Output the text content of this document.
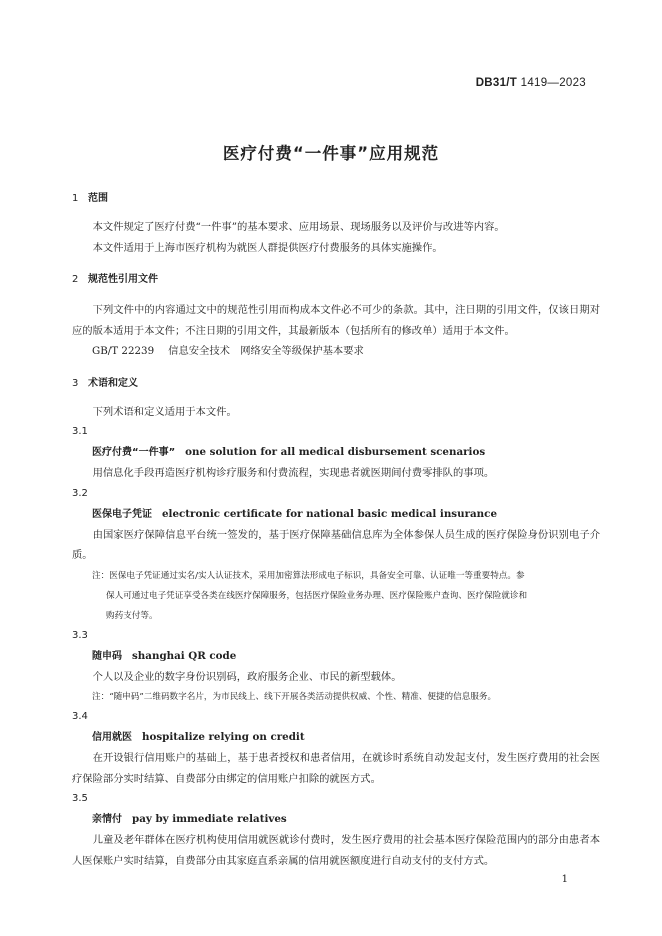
DB31/T 1419—2023
医疗付费“一件事”应用规范
1 范围

本文件规定了医疗付费“一件事”的基本要求、应用场景、现场服务以及评价与改进等内容。

本文件适用于上海市医疗机构为就医人群提供医疗付费服务的具体实施操作。

2 规范性引用文件

下列文件中的内容通过文中的规范性引用而构成本文件必不可少的条款。其中，注日期的引用文件，仅该日期对应的版本适用于本文件；不注日期的引用文件，其最新版本（包括所有的修改单）适用于本文件。

GB/T 22239 信息安全技术　网络安全等级保护基本要求
3 术语和定义

下列术语和定义适用于本文件。

3.1
医疗付费“一件事” one solution for all medical disbursement scenarios

用信息化手段再造医疗机构诊疗服务和付费流程，实现患者就医期间付费零排队的事项。

3.2
医保电子凭证 electronic certificate for national basic medical insurance

由国家医疗保障信息平台统一签发的，基于医疗保障基础信息库为全体参保人员生成的医疗保险身份识别电子介质。

注：医保电子凭证通过实名/实人认证技术，采用加密算法形成电子标识，具备安全可靠、认证唯一等重要特点。参
保人可通过电子凭证享受各类在线医疗保障服务，包括医疗保险业务办理、医疗保险账户查询、医疗保险就诊和
购药支付等。
3.3
随申码 shanghai QR code

个人以及企业的数字身份识别码，政府服务企业、市民的新型载体。

注：“随申码”二维码数字名片，为市民线上、线下开展各类活动提供权威、个性、精准、便捷的信息服务。
3.4
信用就医 hospitalize relying on credit

在开设银行信用账户的基础上，基于患者授权和患者信用，在就诊时系统自动发起支付，发生医疗费用的社会医疗保险部分实时结算、自费部分由绑定的信用账户扣除的就医方式。

3.5
亲情付 pay by immediate relatives

儿童及老年群体在医疗机构使用信用就医就诊付费时，发生医疗费用的社会基本医疗保险范围内的部分由患者本人医保账户实时结算，自费部分由其家庭直系亲属的信用就医额度进行自动支付的支付方式。

1
